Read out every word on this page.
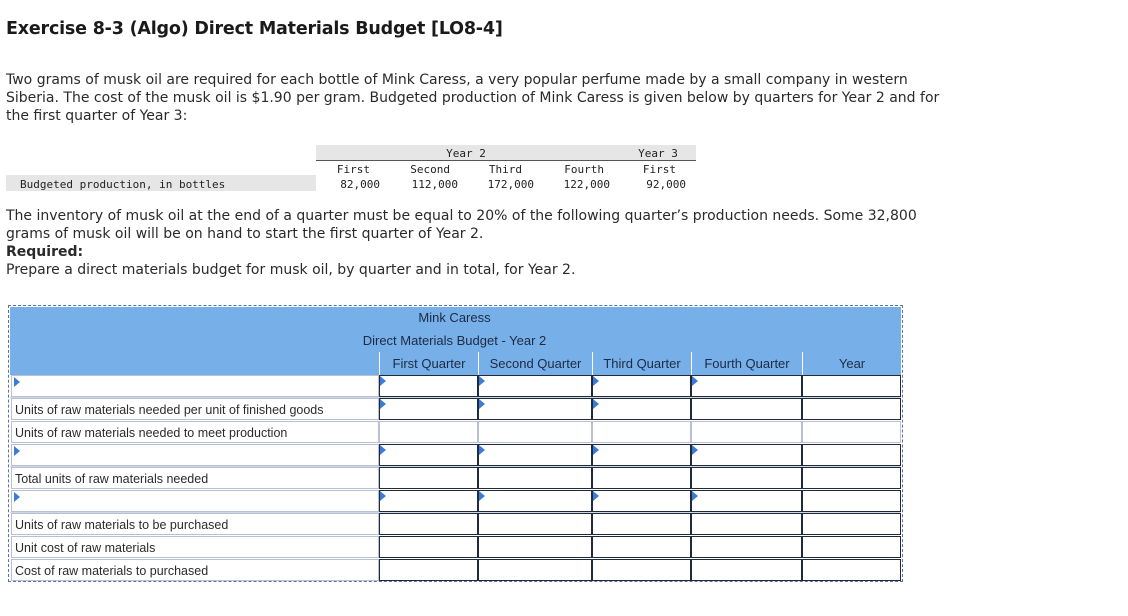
Exercise 8-3 (Algo) Direct Materials Budget [LO8-4]

Two grams of musk oil are required for each bottle of Mink Caress, a very popular perfume made by a small company in western Siberia. The cost of the musk oil is $1.90 per gram. Budgeted production of Mink Caress is given below by quarters for Year 2 and for the first quarter of Year 3:

Year 2	Year 3
First	Second	Third	Fourth	First
Budgeted production, in bottles	82,000	112,000	172,000	122,000	92,000
The inventory of musk oil at the end of a quarter must be equal to 20% of the following quarter’s production needs. Some 32,800 grams of musk oil will be on hand to start the first quarter of Year 2.
Required:
Prepare a direct materials budget for musk oil, by quarter and in total, for Year 2.
Mink Caress
Direct Materials Budget - Year 2
First Quarter	Second Quarter	Third Quarter	Fourth Quarter	Year
Units of raw materials needed per unit of finished goods
Units of raw materials needed to meet production
Total units of raw materials needed
Units of raw materials to be purchased
Unit cost of raw materials
Cost of raw materials to purchased
